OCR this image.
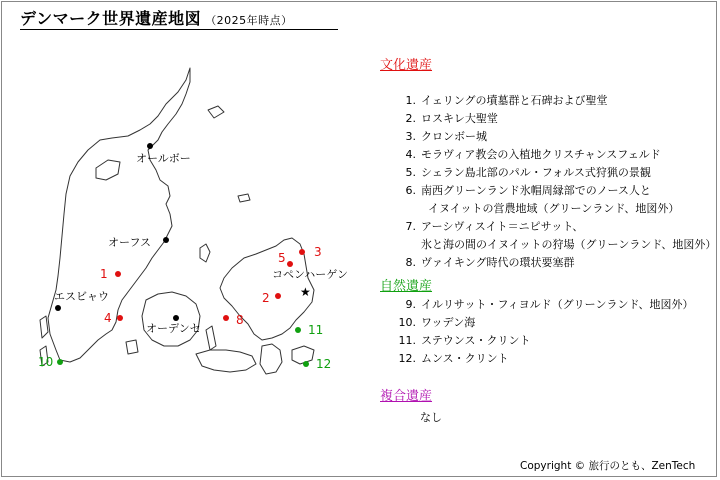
デンマーク世界遺産地図 （2025年時点）
オールボー
オーフス
エスビャウ
オーデンセ
★
コペンハーゲン
1
2
3
4
5
8
10
11
12
文化遺産
1. イェリングの墳墓群と石碑および聖堂
2. ロスキレ大聖堂
3. クロンボー城
4. モラヴィア教会の入植地クリスチャンスフェルド
5. シェラン島北部のパル・フォルス式狩猟の景観
6. 南西グリーンランド氷帽周縁部でのノース人と
イヌイットの営農地域（グリーンランド、地図外）
7. アーシヴィスイト＝ニピサット、
氷と海の間のイヌイットの狩場（グリーンランド、地図外）
8. ヴァイキング時代の環状要塞群
自然遺産
9. イルリサット・フィヨルド（グリーンランド、地図外）
10. ワッデン海
11. ステウンス・クリント
12. ムンス・クリント
複合遺産
なし
Copyright © 旅行のとも、ZenTech
